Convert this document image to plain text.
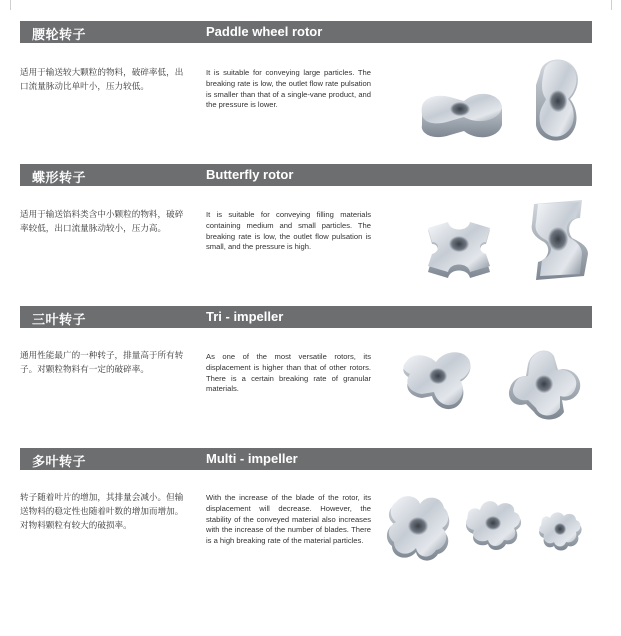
腰轮转子	Paddle wheel rotor
适用于输送较大颗粒的物料，破碎率低，出口流量脉动比单叶小，压力较低。
It is suitable for conveying large particles. The breaking rate is low, the outlet flow rate pulsation is smaller than that of a single-vane product, and the pressure is lower.
蝶形转子	Butterfly rotor
适用于输送馅料类含中小颗粒的物料，破碎率较低，出口流量脉动较小，压力高。
It is suitable for conveying filling materials containing medium and small particles. The breaking rate is low, the outlet flow pulsation is small, and the pressure is high.
三叶转子	Tri - impeller
通用性能最广的一种转子，排量高于所有转子。对颗粒物料有一定的破碎率。
As one of the most versatile rotors, its displacement is higher than that of other rotors. There is a certain breaking rate of granular materials.
多叶转子	Multi - impeller
转子随着叶片的增加，其排量会减小。但输送物料的稳定性也随着叶数的增加而增加。对物料颗粒有较大的破损率。
With the increase of the blade of the rotor, its displacement will decrease. However, the stability of the conveyed material also increases with the increase of the number of blades. There is a high breaking rate of the material particles.
